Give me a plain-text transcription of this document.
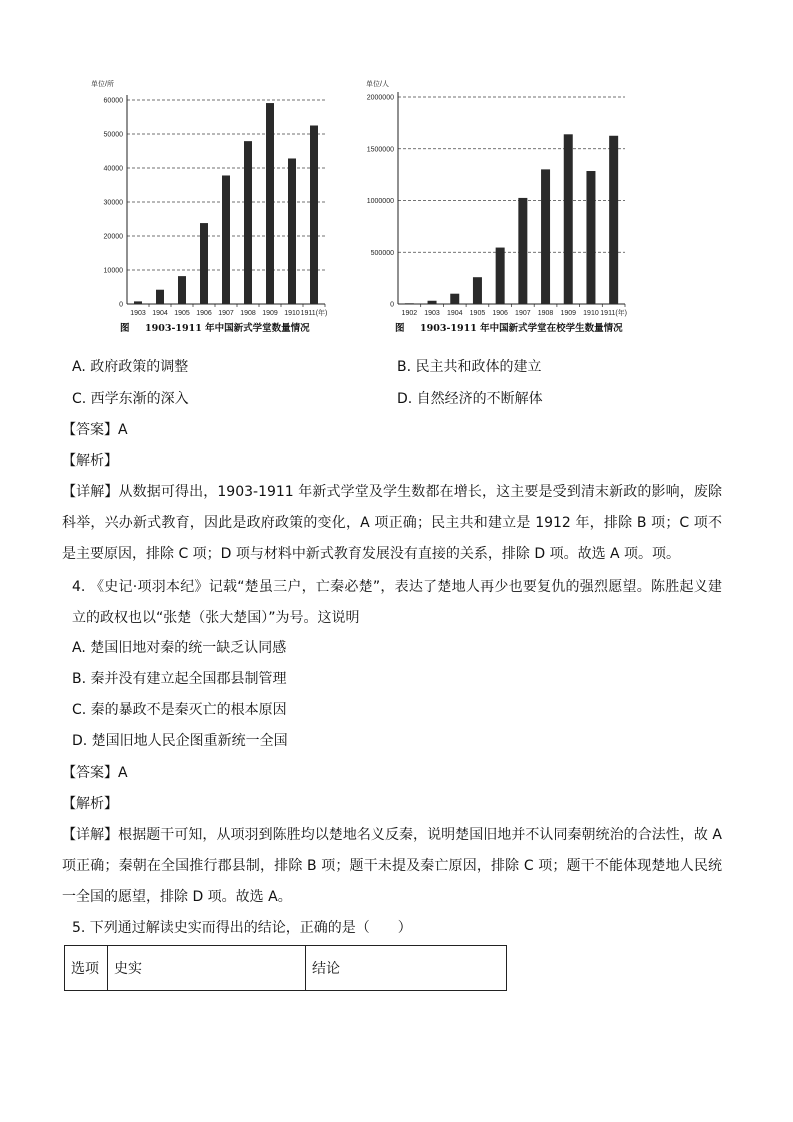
单位/所
0
10000
20000
30000
40000
50000
60000
1903 1904 1905 1906 1907 1908 1909 1910 1911(年)
图 1903-1911 年中国新式学堂数量情况
单位/人
0
500000
1000000
1500000
2000000
1902 1903 1904 1905 1906 1907 1908 1909 1910 1911(年)
图 1903-1911 年中国新式学堂在校学生数量情况
A. 政府政策的调整	B. 民主共和政体的建立
C. 西学东渐的深入	D. 自然经济的不断解体
【答案】A
【解析】
【详解】从数据可得出，1903-1911 年新式学堂及学生数都在增长，这主要是受到清末新政的影响，废除科举，兴办新式教育，因此是政府政策的变化，A 项正确；民主共和建立是 1912 年，排除 B 项；C 项不是主要原因，排除 C 项；D 项与材料中新式教育发展没有直接的关系，排除 D 项。故选 A 项。项。
4. 《史记·项羽本纪》记载“楚虽三户，亡秦必楚”，表达了楚地人再少也要复仇的强烈愿望。陈胜起义建立的政权也以“张楚（张大楚国）”为号。这说明
A. 楚国旧地对秦的统一缺乏认同感
B. 秦并没有建立起全国郡县制管理
C. 秦的暴政不是秦灭亡的根本原因
D. 楚国旧地人民企图重新统一全国
【答案】A
【解析】
【详解】根据题干可知，从项羽到陈胜均以楚地名义反秦，说明楚国旧地并不认同秦朝统治的合法性，故 A 项正确；秦朝在全国推行郡县制，排除 B 项；题干未提及秦亡原因，排除 C 项；题干不能体现楚地人民统一全国的愿望，排除 D 项。故选 A。
5. 下列通过解读史实而得出的结论，正确的是（　　）
选项	史实	结论
